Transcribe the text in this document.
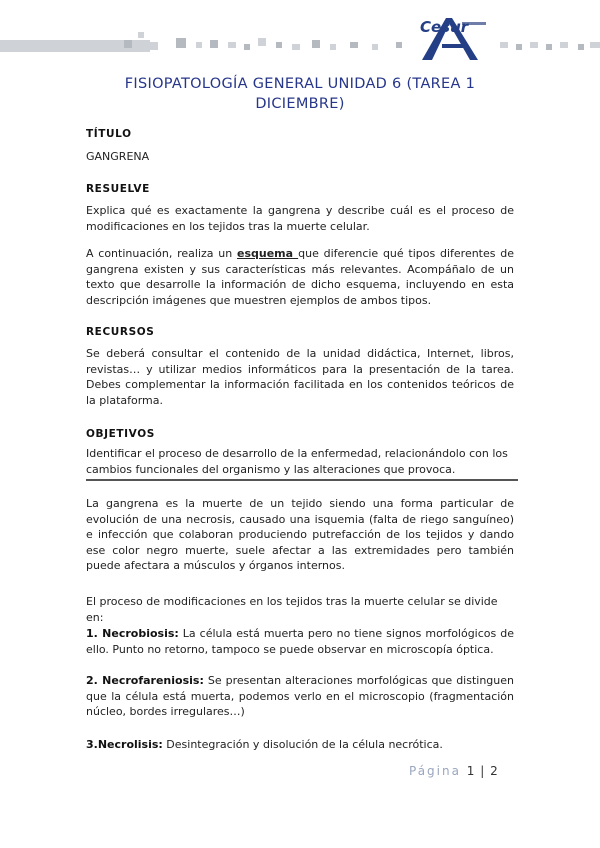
Cesur
FISIOPATOLOGÍA GENERAL UNIDAD 6 (TAREA 1
DICIEMBRE)
TÍTULO
GANGRENA
RESUELVE
Explica qué es exactamente la gangrena y describe cuál es el proceso de modificaciones en los tejidos tras la muerte celular.
A continuación, realiza un esquema que diferencie qué tipos diferentes de gangrena existen y sus características más relevantes. Acompáñalo de un texto que desarrolle la información de dicho esquema, incluyendo en esta descripción imágenes que muestren ejemplos de ambos tipos.
RECURSOS
Se deberá consultar el contenido de la unidad didáctica, Internet, libros, revistas… y utilizar medios informáticos para la presentación de la tarea. Debes complementar la información facilitada en los contenidos teóricos de la plataforma.
OBJETIVOS
Identificar el proceso de desarrollo de la enfermedad, relacionándolo con los cambios funcionales del organismo y las alteraciones que provoca.
La gangrena es la muerte de un tejido siendo una forma particular de evolución de una necrosis, causado una isquemia (falta de riego sanguíneo) e infección que colaboran produciendo putrefacción de los tejidos y dando ese color negro muerte, suele afectar a las extremidades pero también puede afectara a músculos y órganos internos.
El proceso de modificaciones en los tejidos tras la muerte celular se divide en:
1. Necrobiosis: La célula está muerta pero no tiene signos morfológicos de ello. Punto no retorno, tampoco se puede observar en microscopía óptica.
2. Necrofareniosis: Se presentan alteraciones morfológicas que distinguen que la célula está muerta, podemos verlo en el microscopio (fragmentación núcleo, bordes irregulares…)
3.Necrolisis: Desintegración y disolución de la célula necrótica.
Página 1 | 2
